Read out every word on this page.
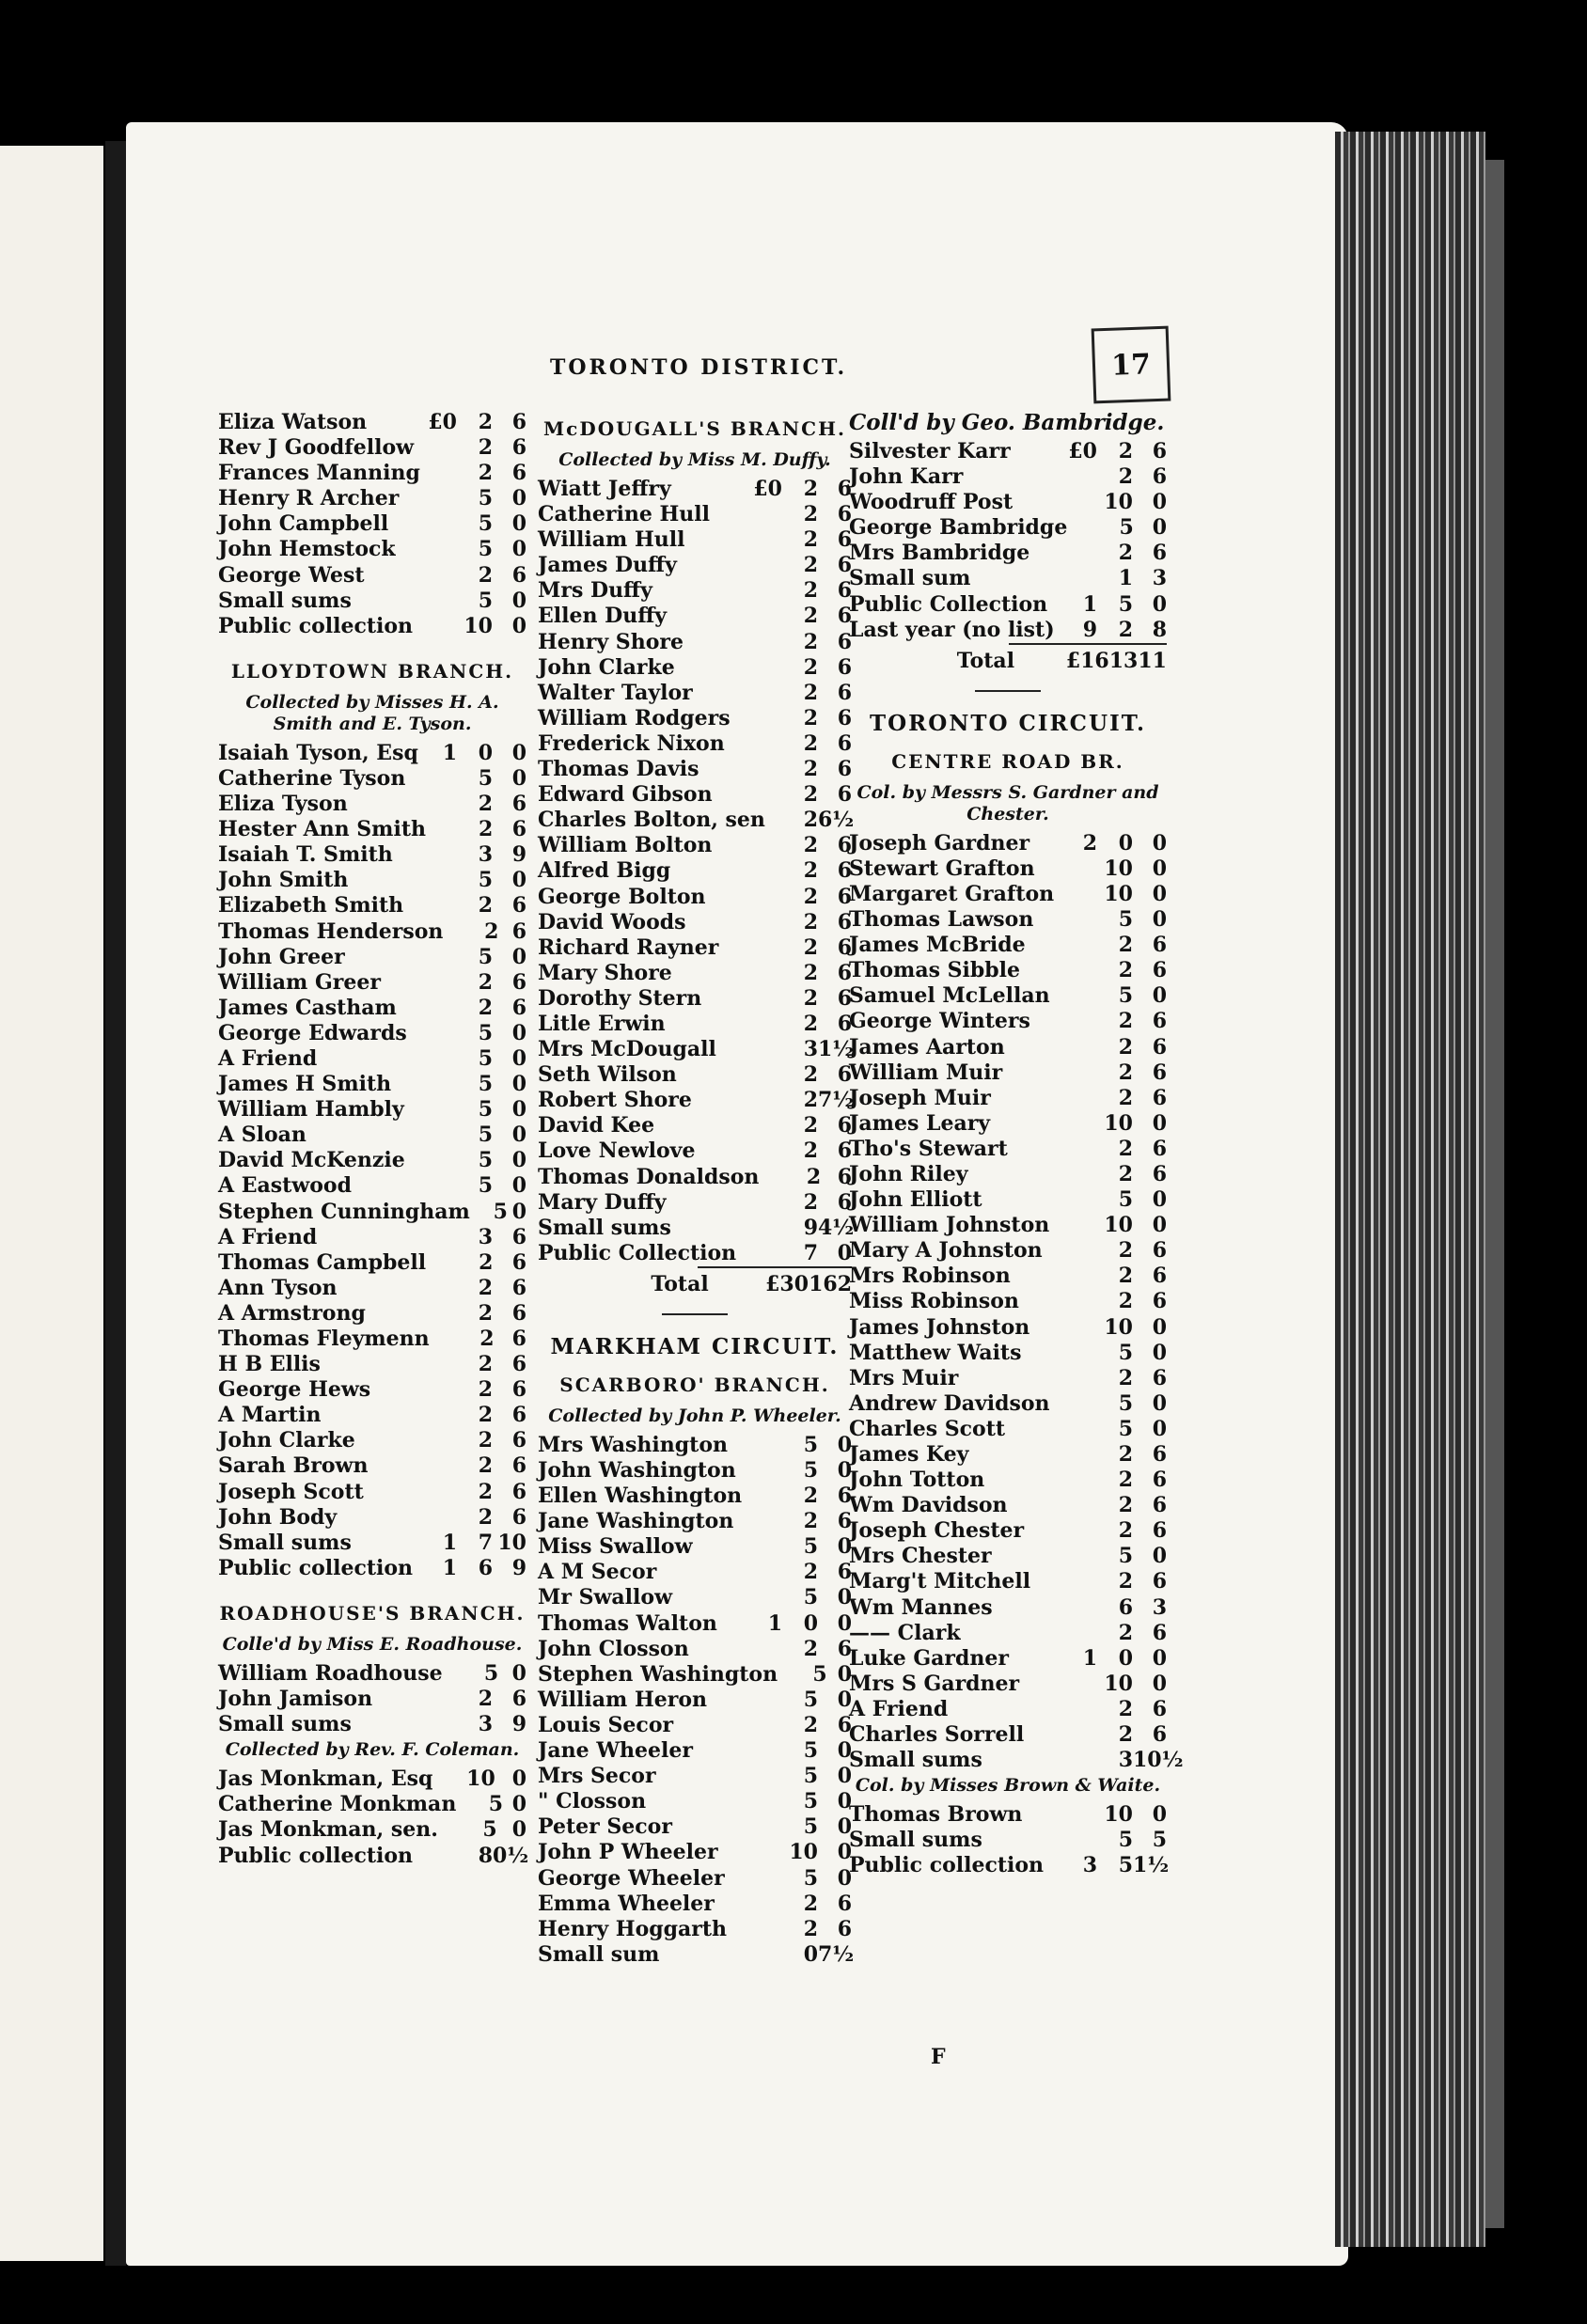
TORONTO DISTRICT.	17
Eliza Watson	£0	2 6
Rev J Goodfellow	2 6
Frances Manning	2 6
Henry R Archer	5 0
John Campbell	5 0
John Hemstock	5 0
George West	2 6
Small sums	5 0
Public collection	10 0
LLOYDTOWN BRANCH.
Collected by Misses H. A. Smith and E. Tyson.
Isaiah Tyson, Esq	1	0 0
Catherine Tyson	5 0
Eliza Tyson	2 6
Hester Ann Smith	2 6
Isaiah T. Smith	3 9
John Smith	5 0
Elizabeth Smith	2 6
Thomas Henderson	2 6
John Greer	5 0
William Greer	2 6
James Castham	2 6
George Edwards	5 0
A Friend	5 0
James H Smith	5 0
William Hambly	5 0
A Sloan	5 0
David McKenzie	5 0
A Eastwood	5 0
Stephen Cunningham 5 0
A Friend	3 6
Thomas Campbell	2 6
Ann Tyson	2 6
A Armstrong	2 6
Thomas Fleymenn	2 6
H B Ellis	2 6
George Hews	2 6
A Martin	2 6
John Clarke	2 6
Sarah Brown	2 6
Joseph Scott	2 6
John Body	2 6
Small sums	1	7 10
Public collection	1	6 9
ROADHOUSE'S BRANCH.
Colle'd by Miss E. Roadhouse.
William Roadhouse	5 0
John Jamison	2 6
Small sums	3 9
Collected by Rev. F. Coleman.
Jas Monkman, Esq 10 0
Catherine Monkman	5 0
Jas Monkman, sen.	5 0
Public collection	8 0½
McDOUGALL'S BRANCH.
Collected by Miss M. Duffy.
Wiatt Jeffry	£0	2 6
Catherine Hull	2 6
William Hull	2 6
James Duffy	2 6
Mrs Duffy	2 6
Ellen Duffy	2 6
Henry Shore	2 6
John Clarke	2 6
Walter Taylor	2 6
William Rodgers	2 6
Frederick Nixon	2 6
Thomas Davis	2 6
Edward Gibson	2 6
Charles Bolton, sen	2 6½
William Bolton	2 6
Alfred Bigg	2 6
George Bolton	2 6
David Woods	2 6
Richard Rayner	2 6
Mary Shore	2 6
Dorothy Stern	2 6
Litle Erwin	2 6
Mrs McDougall	3 1½
Seth Wilson	2 6
Robert Shore	2 7½
David Kee	2 6
Love Newlove	2 6
Thomas Donaldson	2 6
Mary Duffy	2 6
Small sums	9 4½
Public Collection	7 0
Total	£30 16 2
MARKHAM CIRCUIT.
SCARBORO' BRANCH.
Collected by John P. Wheeler.
Mrs Washington	5 0
John Washington	5 0
Ellen Washington	2 6
Jane Washington	2 6
Miss Swallow	5 0
A M Secor	2 6
Mr Swallow	5 0
Thomas Walton	1	0 0
John Closson	2 6
Stephen Washington	5 0
William Heron	5 0
Louis Secor	2 6
Jane Wheeler	5 0
Mrs Secor	5 0
" Closson	5 0
Peter Secor	5 0
John P Wheeler	10 0
George Wheeler	5 0
Emma Wheeler	2 6
Henry Hoggarth	2 6
Small sum	0 7½
Coll'd by Geo. Bambridge.
Silvester Karr	£0	2 6
John Karr	2 6
Woodruff Post	10 0
George Bambridge	5 0
Mrs Bambridge	2 6
Small sum	1 3
Public Collection	1	5 0
Last year (no list)	9	2 8
Total	£16 13 11
TORONTO CIRCUIT.
CENTRE ROAD BR.
Col. by Messrs S. Gardner and Chester.
Joseph Gardner	2	0 0
Stewart Grafton	10 0
Margaret Grafton	10 0
Thomas Lawson	5 0
James McBride	2 6
Thomas Sibble	2 6
Samuel McLellan	5 0
George Winters	2 6
James Aarton	2 6
William Muir	2 6
Joseph Muir	2 6
James Leary	10 0
Tho's Stewart	2 6
John Riley	2 6
John Elliott	5 0
William Johnston	10 0
Mary A Johnston	2 6
Mrs Robinson	2 6
Miss Robinson	2 6
James Johnston	10 0
Matthew Waits	5 0
Mrs Muir	2 6
Andrew Davidson	5 0
Charles Scott	5 0
James Key	2 6
John Totton	2 6
Wm Davidson	2 6
Joseph Chester	2 6
Mrs Chester	5 0
Marg't Mitchell	2 6
Wm Mannes	6 3
—— Clark	2 6
Luke Gardner	1	0 0
Mrs S Gardner	10 0
A Friend	2 6
Charles Sorrell	2 6
Small sums	3 10½
Col. by Misses Brown & Waite.
Thomas Brown	10 0
Small sums	5 5
Public collection	3	5 1½
F
